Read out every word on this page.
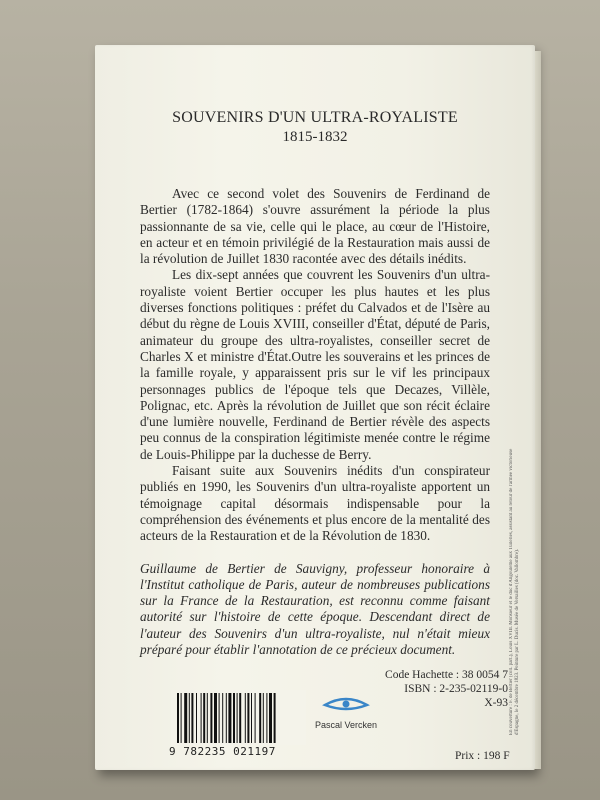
SOUVENIRS D'UN ULTRA-ROYALISTE
1815-1832

Avec ce second volet des Souvenirs de Ferdinand de Bertier (1782-1864) s'ouvre assurément la période la plus passionnante de sa vie, celle qui le place, au cœur de l'Histoire, en acteur et en témoin privilégié de la Restauration mais aussi de la révolution de Juillet 1830 racontée avec des détails inédits.

Les dix-sept années que couvrent les Souvenirs d'un ultra-royaliste voient Bertier occuper les plus hautes et les plus diverses fonctions politiques : préfet du Calvados et de l'Isère au début du règne de Louis XVIII, conseiller d'État, député de Paris, animateur du groupe des ultra-royalistes, conseiller secret de Charles X et ministre d'État.Outre les souverains et les princes de la famille royale, y apparaissent pris sur le vif les principaux personnages publics de l'époque tels que Decazes, Villèle, Polignac, etc. Après la révolution de Juillet que son récit éclaire d'une lumière nouvelle, Ferdinand de Bertier révèle des aspects peu connus de la conspiration légitimiste menée contre le régime de Louis-Philippe par la duchesse de Berry.

Faisant suite aux Souvenirs inédits d'un conspirateur publiés en 1990, les Souvenirs d'un ultra-royaliste apportent un témoignage capital désormais indispensable pour la compréhension des événements et plus encore de la mentalité des acteurs de la Restauration et de la Révolution de 1830.

Guillaume de Bertier de Sauvigny, professeur honoraire à l'Institut catholique de Paris, auteur de nombreuses publications sur la France de la Restauration, est reconnu comme faisant autorité sur l'histoire de cette époque. Descendant direct de l'auteur des Souvenirs d'un ultra-royaliste, nul n'était mieux préparé pour établir l'annotation de ce précieux document.	En couverture : F. de Bertier (coll. part.), Louis XVIII. Monsieur et le duc d'Angoulême aux Tuileries, assistant au retour de l'armée victorieuse d'Espagne, le 2 décembre 1823. Peinture par L. Ducis. Musée de Versailles (doc. Vallombre).
Code Hachette : 38 0054 7
ISBN : 2-235-02119-0
X-93
Prix : 198 F
9 782235 021197
Pascal Vercken
